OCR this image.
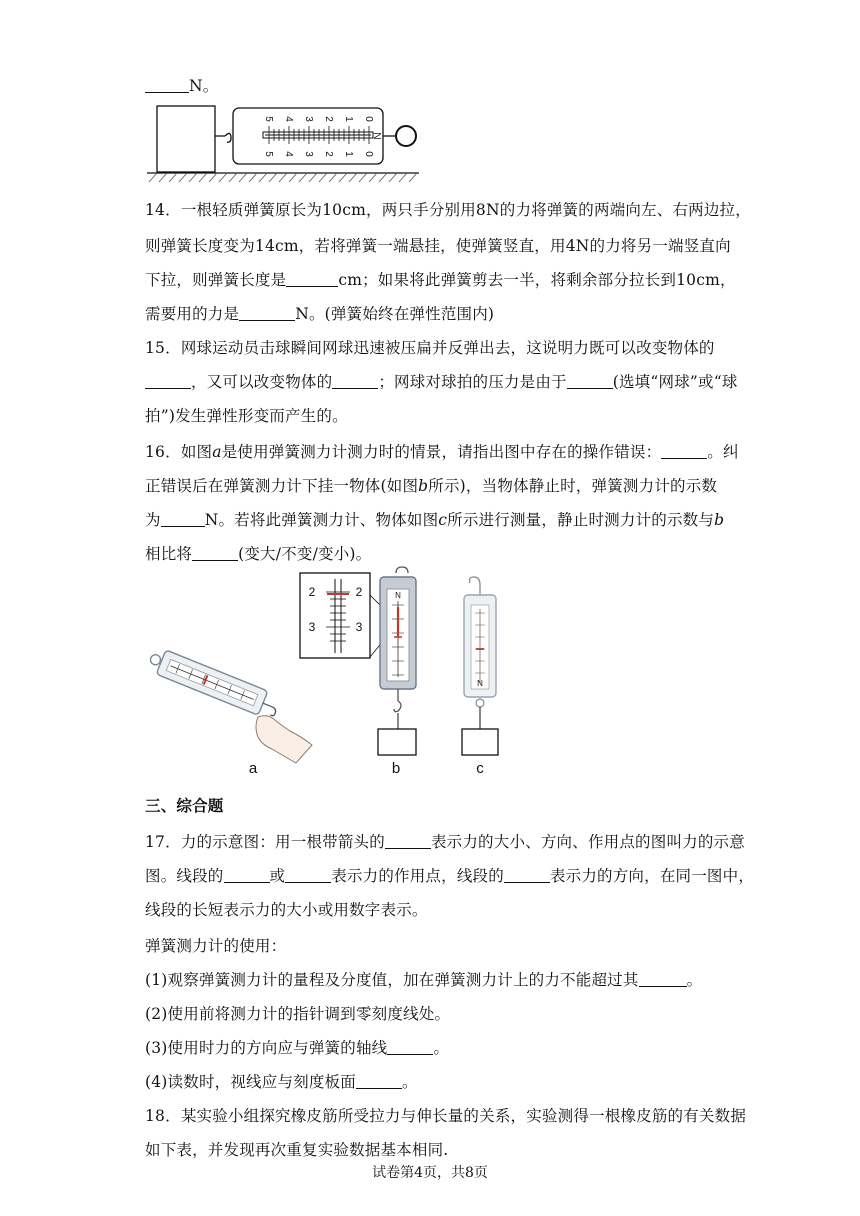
N。
5 4 3 2 1 0
5 4 3 2 1 0
N
14．一根轻质弹簧原长为10cm，两只手分别用8N的力将弹簧的两端向左、右两边拉，
则弹簧长度变为14cm，若将弹簧一端悬挂，使弹簧竖直，用4N的力将另一端竖直向
下拉，则弹簧长度是	cm；如果将此弹簧剪去一半，将剩余部分拉长到10cm，
需要用的力是	N。(弹簧始终在弹性范围内)
15．网球运动员击球瞬间网球迅速被压扁并反弹出去，这说明力既可以改变物体的
，又可以改变物体的	；网球对球拍的压力是由于	(选填“网球”或“球
拍”)发生弹性形变而产生的。
16．如图a是使用弹簧测力计测力时的情景，请指出图中存在的操作错误：	。纠
正错误后在弹簧测力计下挂一物体(如图b所示)，当物体静止时，弹簧测力计的示数
为	N。若将此弹簧测力计、物体如图c所示进行测量，静止时测力计的示数与b
相比将	(变大/不变/变小)。
a
2	2
3	3
N
b
N
c
三、综合题
17．力的示意图：用一根带箭头的	表示力的大小、方向、作用点的图叫力的示意
图。线段的	或	表示力的作用点，线段的	表示力的方向，在同一图中，
线段的长短表示力的大小或用数字表示。
弹簧测力计的使用：
(1)观察弹簧测力计的量程及分度值，加在弹簧测力计上的力不能超过其	。
(2)使用前将测力计的指针调到零刻度线处。
(3)使用时力的方向应与弹簧的轴线	。
(4)读数时，视线应与刻度板面	。
18．某实验小组探究橡皮筋所受拉力与伸长量的关系，实验测得一根橡皮筋的有关数据
如下表，并发现再次重复实验数据基本相同.
试卷第4页，共8页
